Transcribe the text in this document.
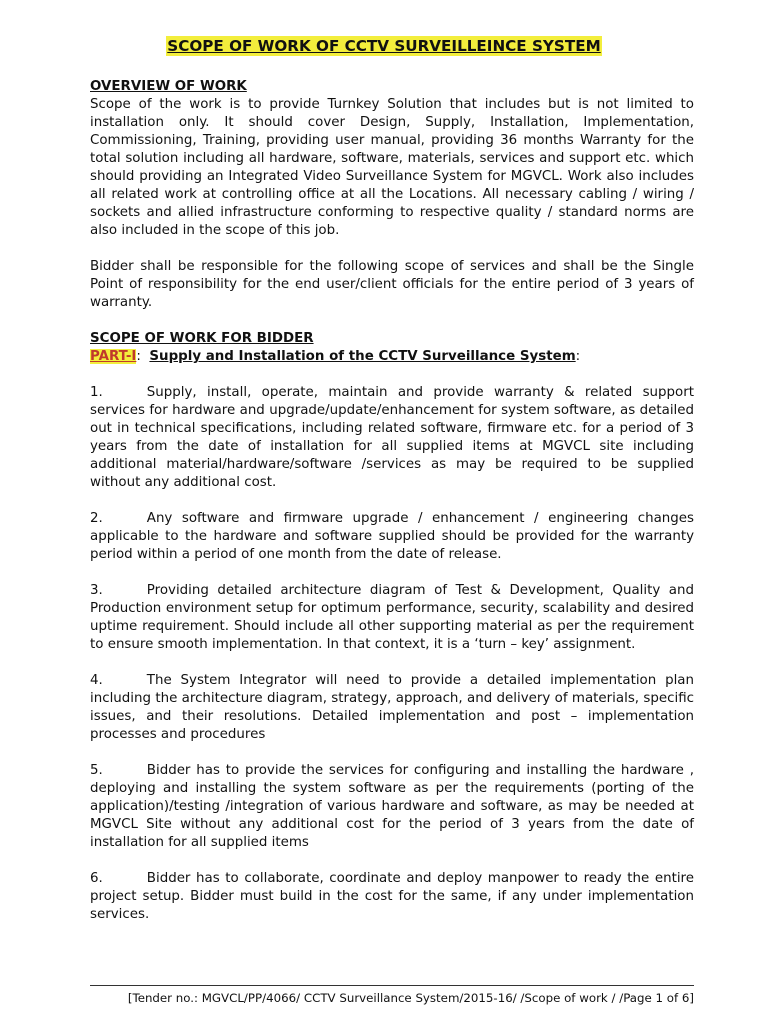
SCOPE OF WORK OF CCTV SURVEILLEINCE SYSTEM
OVERVIEW OF WORK

Scope of the work is to provide Turnkey Solution that includes but is not limited to installation only. It should cover Design, Supply, Installation, Implementation, Commissioning, Training, providing user manual, providing 36 months Warranty for the total solution including all hardware, software, materials, services and support etc. which should providing an Integrated Video Surveillance System for MGVCL. Work also includes all related work at controlling office at all the Locations. All necessary cabling / wiring / sockets and allied infrastructure conforming to respective quality / standard norms are also included in the scope of this job.

Bidder shall be responsible for the following scope of services and shall be the Single Point of responsibility for the end user/client officials for the entire period of 3 years of warranty.

SCOPE OF WORK FOR BIDDER
PART-I:  Supply and Installation of the CCTV Surveillance System:

1.	Supply, install, operate, maintain and provide warranty & related support services for hardware and upgrade/update/enhancement for system software, as detailed out in technical specifications, including related software, firmware etc. for a period of 3 years from the date of installation for all supplied items at MGVCL site including additional material/hardware/software /services as may be required to be supplied without any additional cost.

2.	Any software and firmware upgrade / enhancement / engineering changes applicable to the hardware and software supplied should be provided for the warranty period within a period of one month from the date of release.

3.	Providing detailed architecture diagram of Test & Development, Quality and Production environment setup for optimum performance, security, scalability and desired uptime requirement. Should include all other supporting material as per the requirement to ensure smooth implementation. In that context, it is a ‘turn – key’ assignment.

4.	The System Integrator will need to provide a detailed implementation plan including the architecture diagram, strategy, approach, and delivery of materials, specific issues, and their resolutions. Detailed implementation and post – implementation processes and procedures

5.	Bidder has to provide the services for configuring and installing the hardware , deploying and installing the system software as per the requirements (porting of the application)/testing /integration of various hardware and software, as may be needed at MGVCL Site without any additional cost for the period of 3 years from the date of installation for all supplied items

6.	Bidder has to collaborate, coordinate and deploy manpower to ready the entire project setup. Bidder must build in the cost for the same, if any under implementation services.

[Tender no.: MGVCL/PP/4066/ CCTV Surveillance System/2015-16/ /Scope of work / /Page 1 of 6]
